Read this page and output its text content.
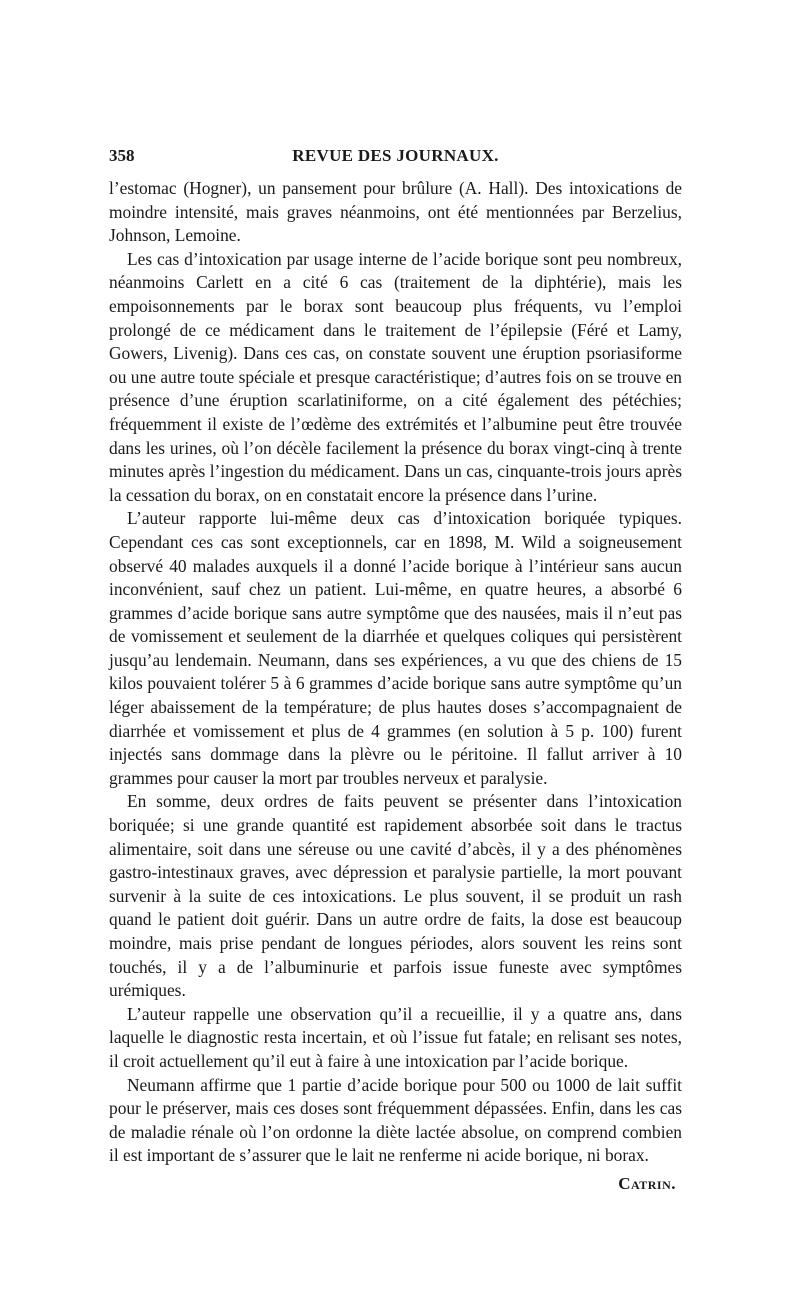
358	REVUE DES JOURNAUX.

l’estomac (Hogner), un pansement pour brûlure (A. Hall). Des intoxications de moindre intensité, mais graves néanmoins, ont été mentionnées par Berzelius, Johnson, Lemoine.

Les cas d’intoxication par usage interne de l’acide borique sont peu nombreux, néanmoins Carlett en a cité 6 cas (traitement de la diphtérie), mais les empoisonnements par le borax sont beaucoup plus fréquents, vu l’emploi prolongé de ce médicament dans le traitement de l’épilepsie (Féré et Lamy, Gowers, Livenig). Dans ces cas, on constate souvent une éruption psoriasiforme ou une autre toute spéciale et presque caractéristique; d’autres fois on se trouve en présence d’une éruption scarlatiniforme, on a cité également des pétéchies; fréquemment il existe de l’œdème des extrémités et l’albumine peut être trouvée dans les urines, où l’on décèle facilement la présence du borax vingt-cinq à trente minutes après l’ingestion du médicament. Dans un cas, cinquante-trois jours après la cessation du borax, on en constatait encore la présence dans l’urine.

L’auteur rapporte lui-même deux cas d’intoxication boriquée typiques. Cependant ces cas sont exceptionnels, car en 1898, M. Wild a soigneusement observé 40 malades auxquels il a donné l’acide borique à l’intérieur sans aucun inconvénient, sauf chez un patient. Lui-même, en quatre heures, a absorbé 6 grammes d’acide borique sans autre symptôme que des nausées, mais il n’eut pas de vomissement et seulement de la diarrhée et quelques coliques qui persistèrent jusqu’au lendemain. Neumann, dans ses expériences, a vu que des chiens de 15 kilos pouvaient tolérer 5 à 6 grammes d’acide borique sans autre symptôme qu’un léger abaissement de la température; de plus hautes doses s’accompagnaient de diarrhée et vomissement et plus de 4 grammes (en solution à 5 p. 100) furent injectés sans dommage dans la plèvre ou le péritoine. Il fallut arriver à 10 grammes pour causer la mort par troubles nerveux et paralysie.

En somme, deux ordres de faits peuvent se présenter dans l’intoxication boriquée; si une grande quantité est rapidement absorbée soit dans le tractus alimentaire, soit dans une séreuse ou une cavité d’abcès, il y a des phénomènes gastro-intestinaux graves, avec dépression et paralysie partielle, la mort pouvant survenir à la suite de ces intoxications. Le plus souvent, il se produit un rash quand le patient doit guérir. Dans un autre ordre de faits, la dose est beaucoup moindre, mais prise pendant de longues périodes, alors souvent les reins sont touchés, il y a de l’albuminurie et parfois issue funeste avec symptômes urémiques.

L’auteur rappelle une observation qu’il a recueillie, il y a quatre ans, dans laquelle le diagnostic resta incertain, et où l’issue fut fatale; en relisant ses notes, il croit actuellement qu’il eut à faire à une intoxication par l’acide borique.

Neumann affirme que 1 partie d’acide borique pour 500 ou 1000 de lait suffit pour le préserver, mais ces doses sont fréquemment dépassées. Enfin, dans les cas de maladie rénale où l’on ordonne la diète lactée absolue, on comprend combien il est important de s’assurer que le lait ne renferme ni acide borique, ni borax.

Catrin.
